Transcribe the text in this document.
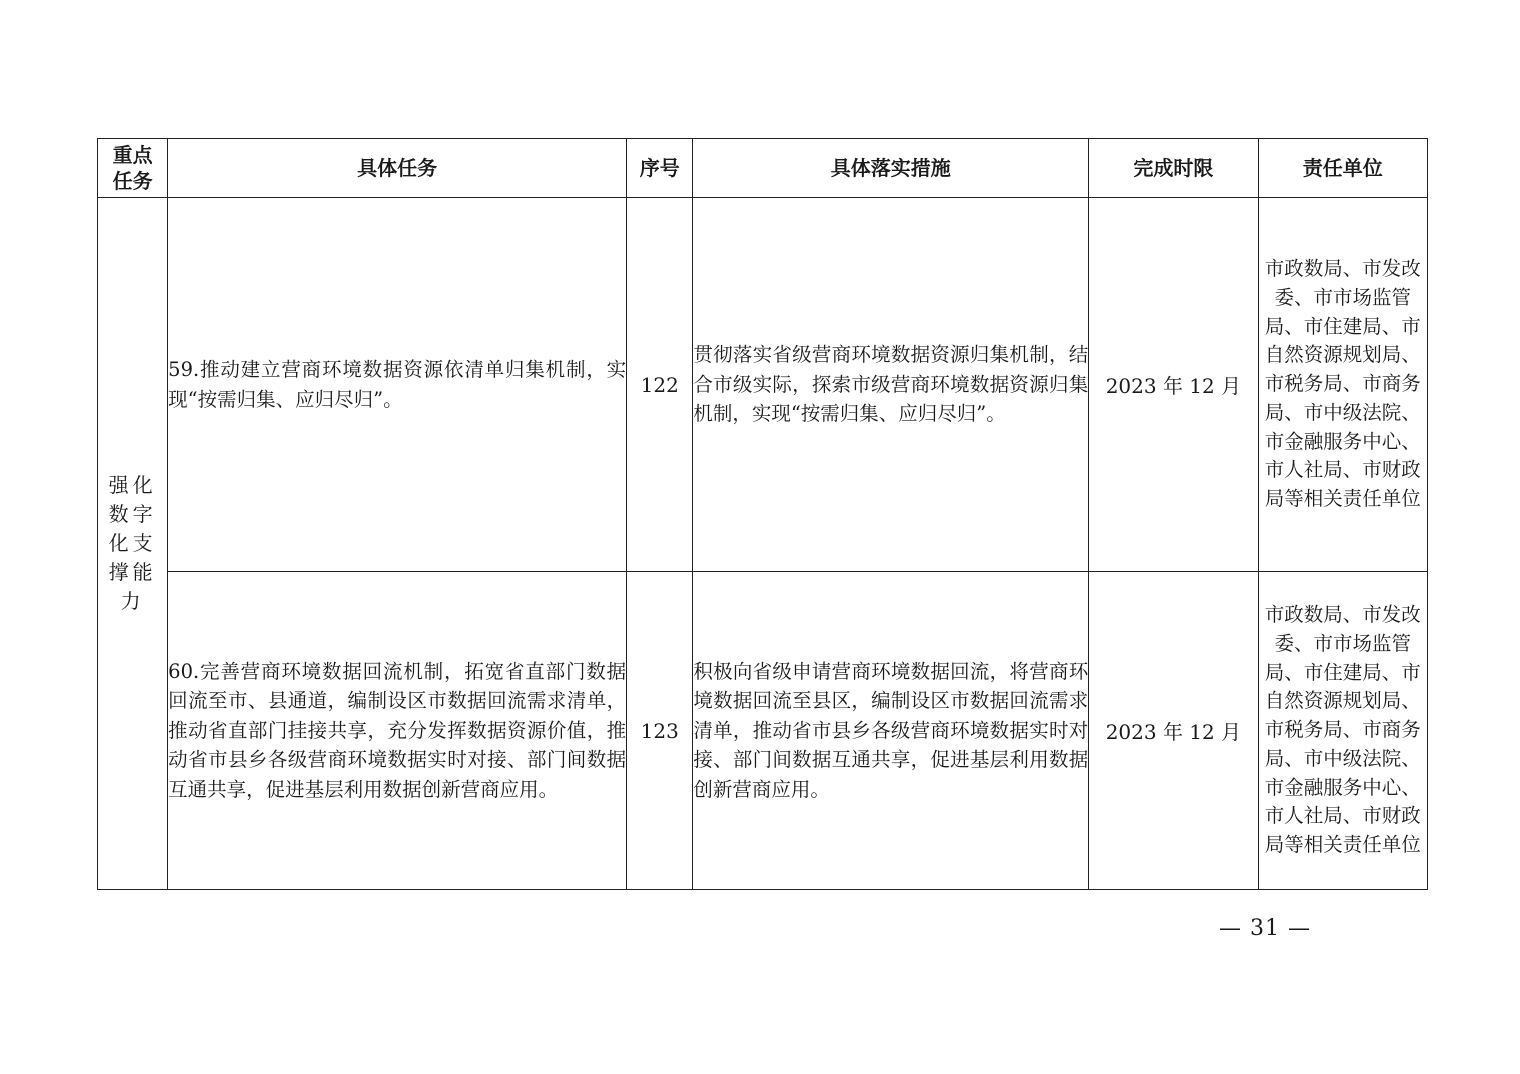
重点任务	具体任务	序号	具体落实措施	完成时限	责任单位
强化数字化支撑能力	59.推动建立营商环境数据资源依清单归集机制，实现“按需归集、应归尽归”。	122	贯彻落实省级营商环境数据资源归集机制，结合市级实际，探索市级营商环境数据资源归集机制，实现“按需归集、应归尽归”。	2023 年 12 月	市政数局、市发改委、市市场监管局、市住建局、市自然资源规划局、市税务局、市商务局、市中级法院、市金融服务中心、市人社局、市财政局等相关责任单位
	60.完善营商环境数据回流机制，拓宽省直部门数据回流至市、县通道，编制设区市数据回流需求清单，推动省直部门挂接共享，充分发挥数据资源价值，推动省市县乡各级营商环境数据实时对接、部门间数据互通共享，促进基层利用数据创新营商应用。	123	积极向省级申请营商环境数据回流，将营商环境数据回流至县区，编制设区市数据回流需求清单，推动省市县乡各级营商环境数据实时对接、部门间数据互通共享，促进基层利用数据创新营商应用。	2023 年 12 月	市政数局、市发改委、市市场监管局、市住建局、市自然资源规划局、市税务局、市商务局、市中级法院、市金融服务中心、市人社局、市财政局等相关责任单位
— 31 —
